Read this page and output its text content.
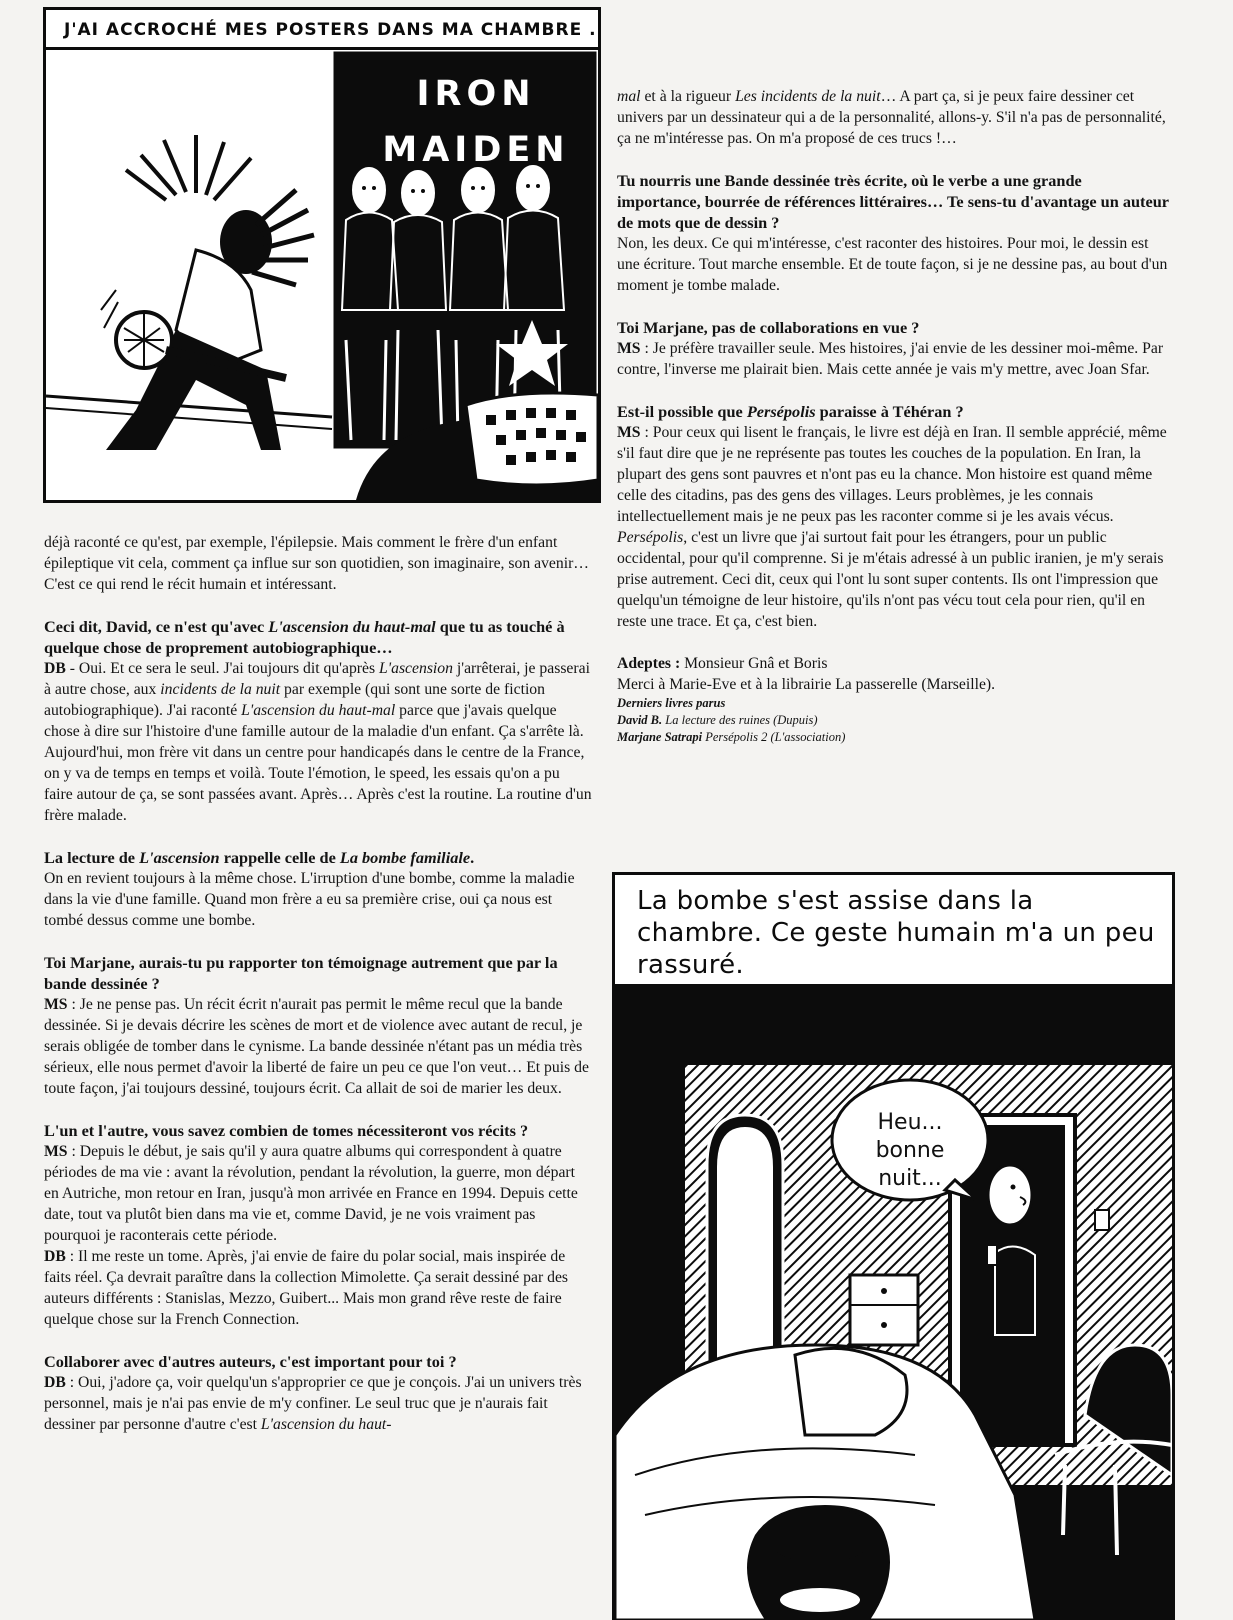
IRON
MAIDEN
J'AI ACCROCHÉ MES POSTERS DANS MA CHAMBRE .

déjà raconté ce qu'est, par exemple, l'épilepsie. Mais comment le frère d'un enfant épileptique vit cela, comment ça influe sur son quotidien, son imaginaire, son avenir… C'est ce qui rend le récit humain et intéressant.

Ceci dit, David, ce n'est qu'avec L'ascension du haut-mal que tu as touché à quelque chose de proprement autobiographique…

DB - Oui. Et ce sera le seul. J'ai toujours dit qu'après L'ascension j'arrêterai, je passerai à autre chose, aux incidents de la nuit par exemple (qui sont une sorte de fiction autobiographique). J'ai raconté L'ascension du haut-mal parce que j'avais quelque chose à dire sur l'histoire d'une famille autour de la maladie d'un enfant. Ça s'arrête là. Aujourd'hui, mon frère vit dans un centre pour handicapés dans le centre de la France, on y va de temps en temps et voilà. Toute l'émotion, le speed, les essais qu'on a pu faire autour de ça, se sont passées avant. Après… Après c'est la routine. La routine d'un frère malade.

La lecture de L'ascension rappelle celle de La bombe familiale.

On en revient toujours à la même chose. L'irruption d'une bombe, comme la maladie dans la vie d'une famille. Quand mon frère a eu sa première crise, oui ça nous est tombé dessus comme une bombe.

Toi Marjane, aurais-tu pu rapporter ton témoignage autrement que par la bande dessinée ?

MS : Je ne pense pas. Un récit écrit n'aurait pas permit le même recul que la bande dessinée. Si je devais décrire les scènes de mort et de violence avec autant de recul, je serais obligée de tomber dans le cynisme. La bande dessinée n'étant pas un média très sérieux, elle nous permet d'avoir la liberté de faire un peu ce que l'on veut… Et puis de toute façon, j'ai toujours dessiné, toujours écrit. Ca allait de soi de marier les deux.

L'un et l'autre, vous savez combien de tomes nécessiteront vos récits ?

MS : Depuis le début, je sais qu'il y aura quatre albums qui correspondent à quatre périodes de ma vie : avant la révolution, pendant la révolution, la guerre, mon départ en Autriche, mon retour en Iran, jusqu'à mon arrivée en France en 1994. Depuis cette date, tout va plutôt bien dans ma vie et, comme David, je ne vois vraiment pas pourquoi je raconterais cette période.

DB : Il me reste un tome. Après, j'ai envie de faire du polar social, mais inspirée de faits réel. Ça devrait paraître dans la collection Mimolette. Ça serait dessiné par des auteurs différents : Stanislas, Mezzo, Guibert... Mais mon grand rêve reste de faire quelque chose sur la French Connection.

Collaborer avec d'autres auteurs, c'est important pour toi ?

DB : Oui, j'adore ça, voir quelqu'un s'approprier ce que je conçois. J'ai un univers très personnel, mais je n'ai pas envie de m'y confiner. Le seul truc que je n'aurais fait dessiner par personne d'autre c'est L'ascension du haut-

mal et à la rigueur Les incidents de la nuit… A part ça, si je peux faire dessiner cet univers par un dessinateur qui a de la personnalité, allons-y. S'il n'a pas de personnalité, ça ne m'intéresse pas. On m'a proposé de ces trucs !…

Tu nourris une Bande dessinée très écrite, où le verbe a une grande importance, bourrée de références littéraires… Te sens-tu d'avantage un auteur de mots que de dessin ?

Non, les deux. Ce qui m'intéresse, c'est raconter des histoires. Pour moi, le dessin est une écriture. Tout marche ensemble. Et de toute façon, si je ne dessine pas, au bout d'un moment je tombe malade.

Toi Marjane, pas de collaborations en vue ?

MS : Je préfère travailler seule. Mes histoires, j'ai envie de les dessiner moi-même. Par contre, l'inverse me plairait bien. Mais cette année je vais m'y mettre, avec Joan Sfar.

Est-il possible que Persépolis paraisse à Téhéran ?

MS : Pour ceux qui lisent le français, le livre est déjà en Iran. Il semble apprécié, même s'il faut dire que je ne représente pas toutes les couches de la population. En Iran, la plupart des gens sont pauvres et n'ont pas eu la chance. Mon histoire est quand même celle des citadins, pas des gens des villages. Leurs problèmes, je les connais intellectuellement mais je ne peux pas les raconter comme si je les avais vécus. Persépolis, c'est un livre que j'ai surtout fait pour les étrangers, pour un public occidental, pour qu'il comprenne. Si je m'étais adressé à un public iranien, je m'y serais prise autrement. Ceci dit, ceux qui l'ont lu sont super contents. Ils ont l'impression que quelqu'un témoigne de leur histoire, qu'ils n'ont pas vécu tout cela pour rien, qu'il en reste une trace. Et ça, c'est bien.

Adeptes : Monsieur Gnâ et Boris

Merci à Marie-Eve et à la librairie La passerelle (Marseille).

Derniers livres parus

David B. La lecture des ruines (Dupuis)

Marjane Satrapi Persépolis 2 (L'association)

Heu...
bonne
nuit...
La bombe s'est assise dans la chambre. Ce geste humain m'a un peu rassuré.
